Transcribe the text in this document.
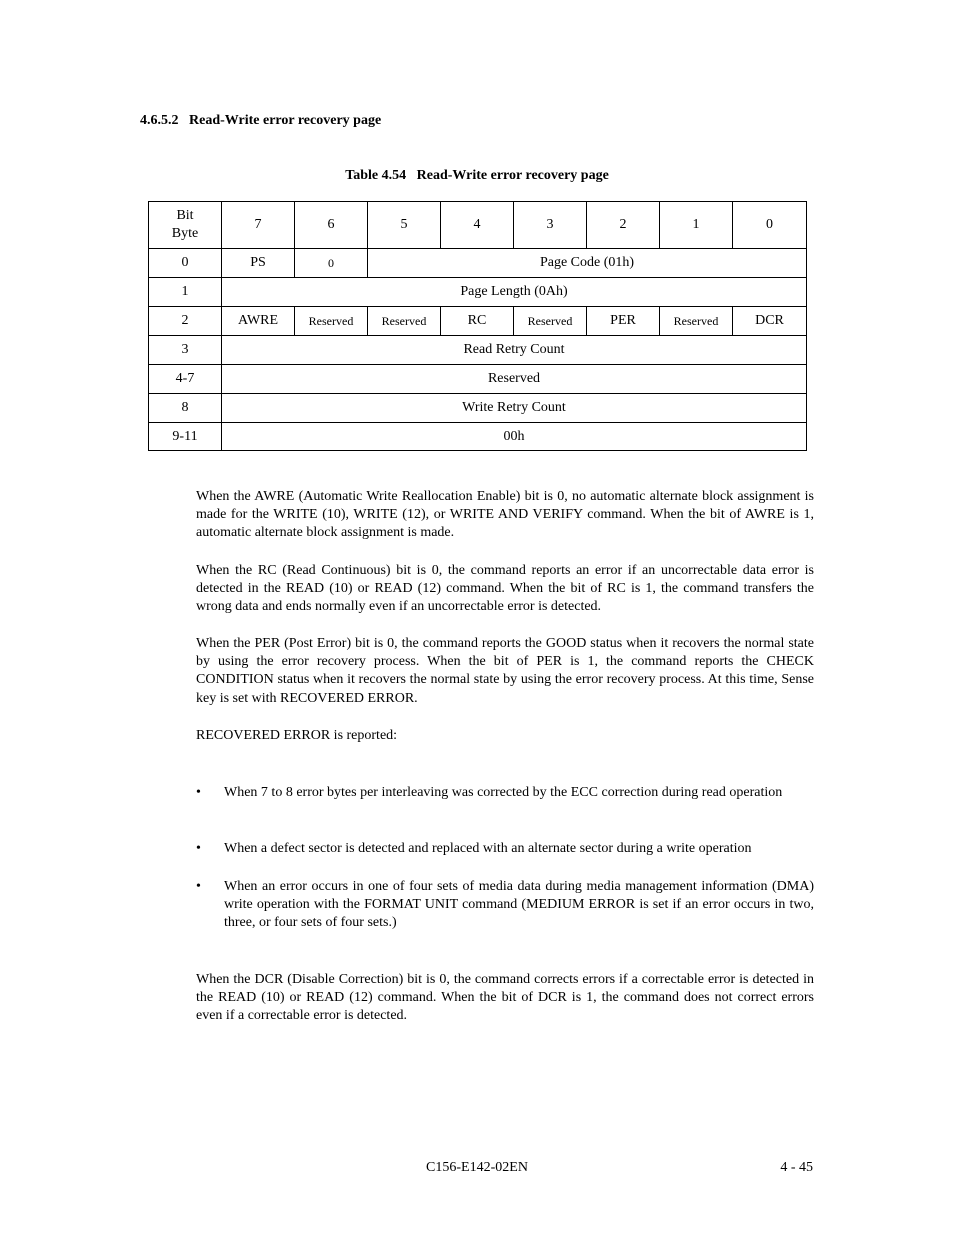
4.6.5.2   Read-Write error recovery page
Table 4.54   Read-Write error recovery page
Bit
Byte	7	6	5	4	3	2	1	0
0	PS	0	Page Code (01h)					
1	Page Length (0Ah)							
2	AWRE	Reserved	Reserved	RC	Reserved	PER	Reserved	DCR
3	Read Retry Count							
4-7	Reserved							
8	Write Retry Count							
9-11	00h							
When the AWRE (Automatic Write Reallocation Enable) bit is 0, no automatic alternate block assignment is made for the WRITE (10), WRITE (12), or WRITE AND VERIFY command. When the bit of AWRE is 1, automatic alternate block assignment is made.
When the RC (Read Continuous) bit is 0, the command reports an error if an uncorrectable data error is detected in the READ (10) or READ (12) command. When the bit of RC is 1, the command transfers the wrong data and ends normally even if an uncorrectable error is detected.
When the PER (Post Error) bit is 0, the command reports the GOOD status when it recovers the normal state by using the error recovery process. When the bit of PER is 1, the command reports the CHECK CONDITION status when it recovers the normal state by using the error recovery process. At this time, Sense key is set with RECOVERED ERROR.
RECOVERED ERROR is reported:
• When 7 to 8 error bytes per interleaving was corrected by the ECC correction during read operation
• When a defect sector is detected and replaced with an alternate sector during a write operation
• When an error occurs in one of four sets of media data during media management information (DMA) write operation with the FORMAT UNIT command (MEDIUM ERROR is set if an error occurs in two, three, or four sets of four sets.)
When the DCR (Disable Correction) bit is 0, the command corrects errors if a correctable error is detected in the READ (10) or READ (12) command. When the bit of DCR is 1, the command does not correct errors even if a correctable error is detected.
C156-E142-02EN	4 - 45
